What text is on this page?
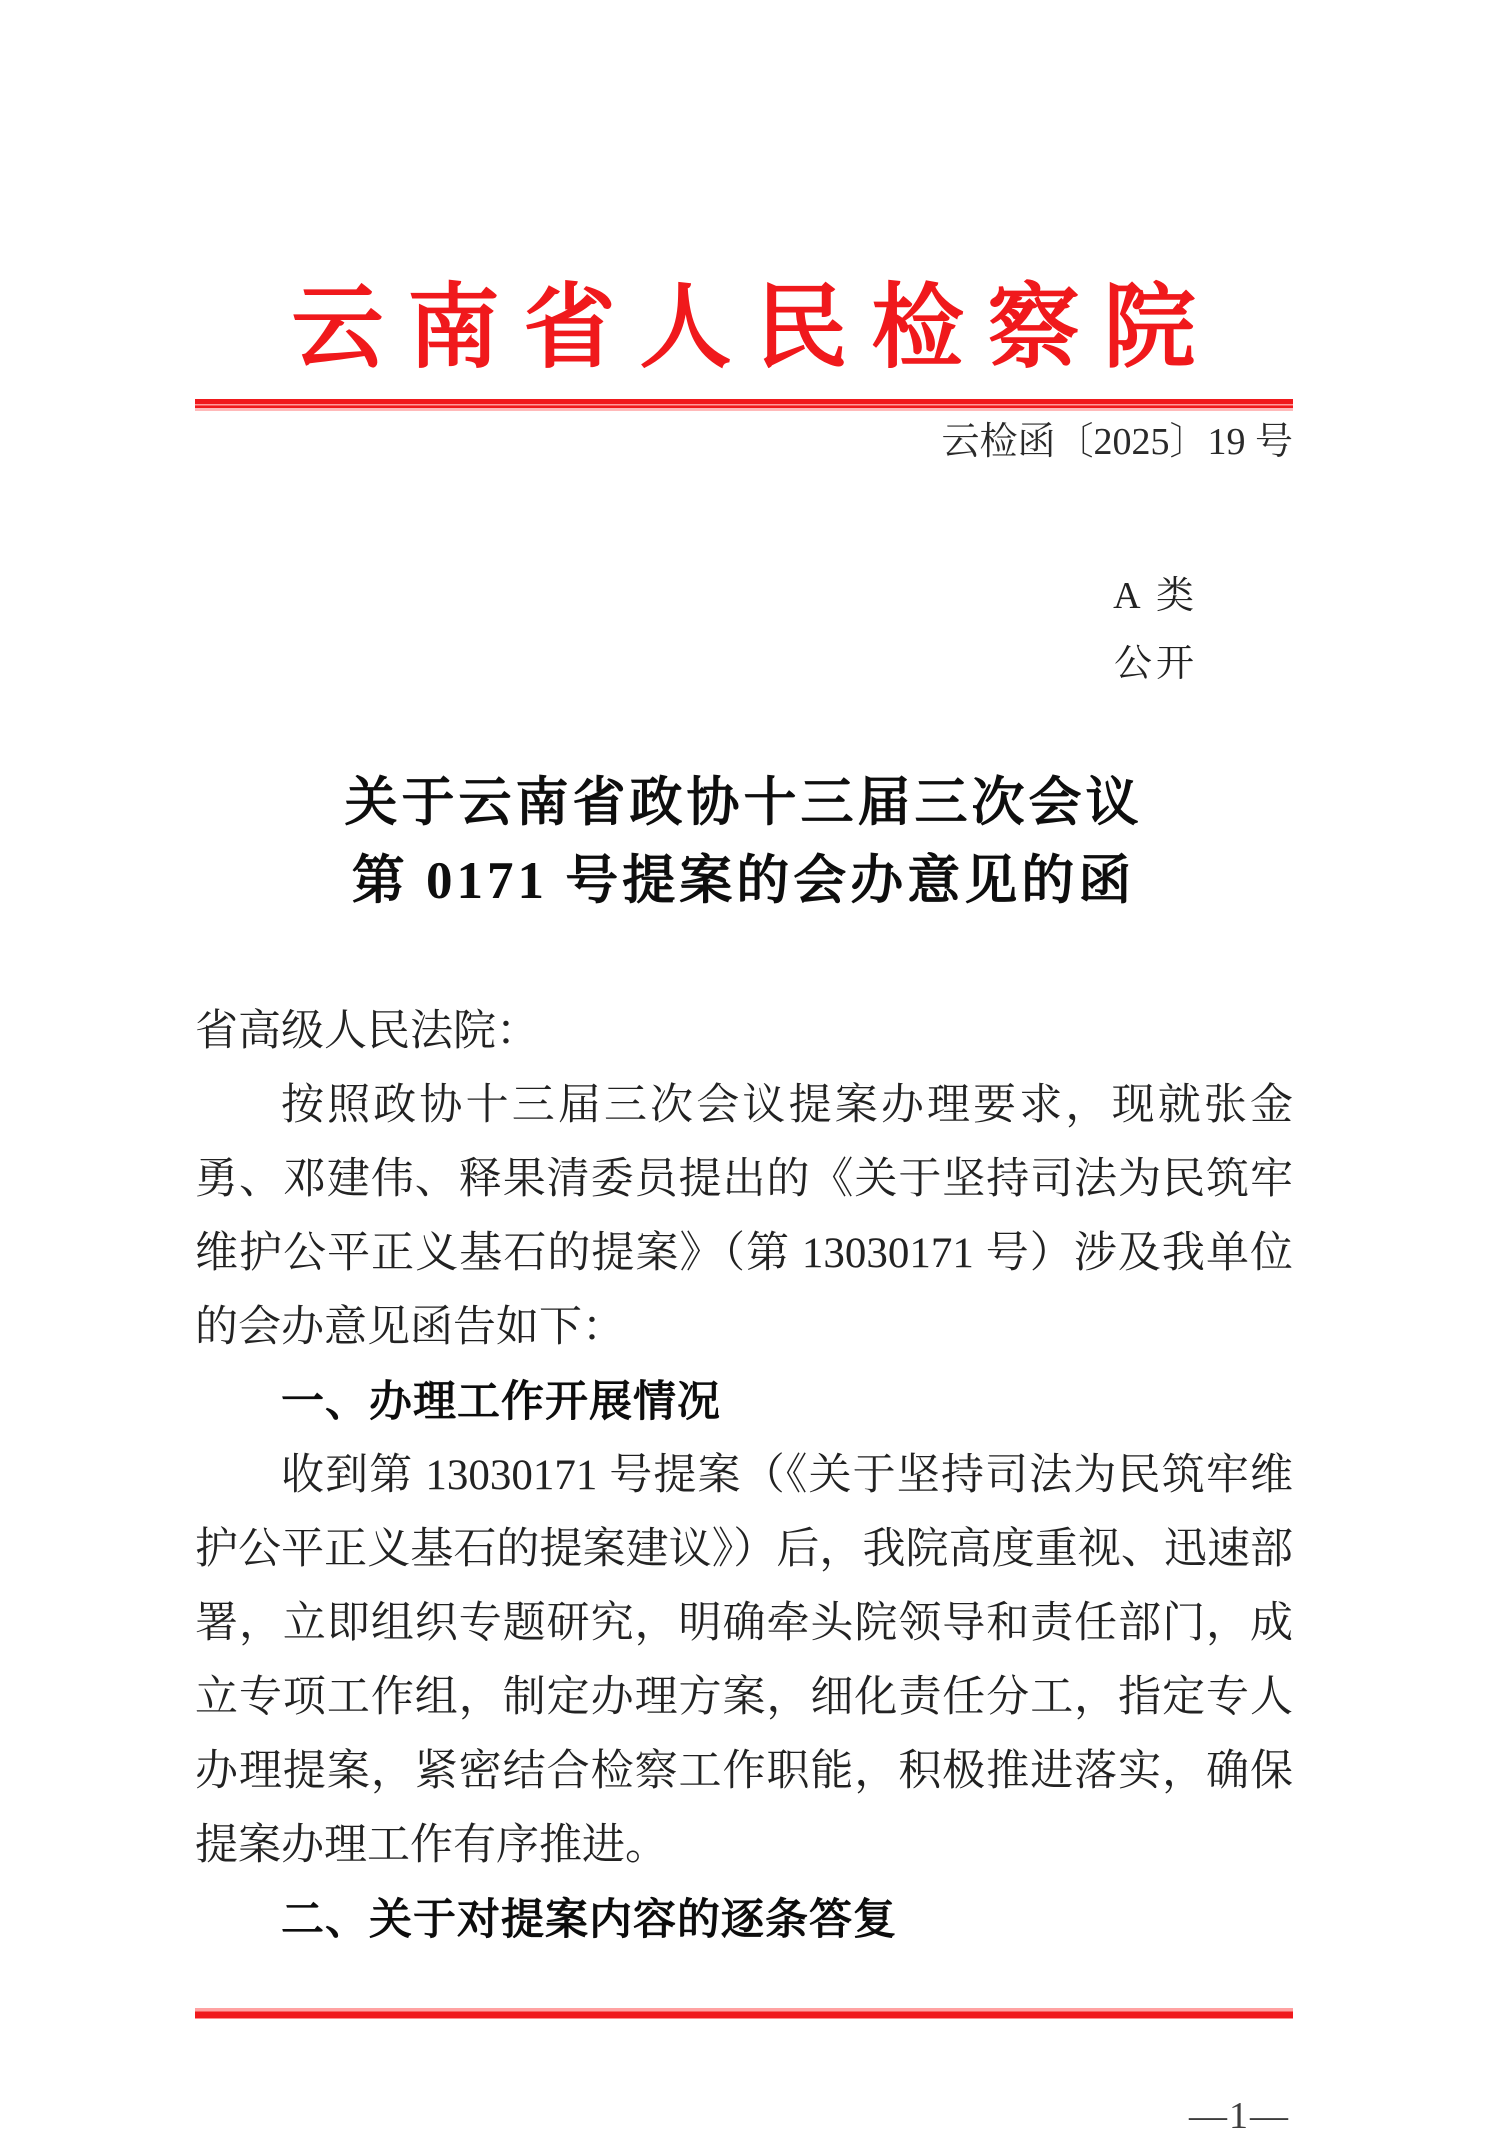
云南省人民检察院
云检函〔2025〕19 号
A 类
公开
关于云南省政协十三届三次会议
第 0171 号提案的会办意见的函

省高级人民法院：

按照政协十三届三次会议提案办理要求，现就张金勇、邓建伟、释果清委员提出的《关于坚持司法为民筑牢维护公平正义基石的提案》（第 13030171 号）涉及我单位的会办意见函告如下：

一、办理工作开展情况

收到第 13030171 号提案（《关于坚持司法为民筑牢维护公平正义基石的提案建议》）后，我院高度重视、迅速部署，立即组织专题研究，明确牵头院领导和责任部门，成立专项工作组，制定办理方案，细化责任分工，指定专人办理提案，紧密结合检察工作职能，积极推进落实，确保提案办理工作有序推进。

二、关于对提案内容的逐条答复

—1—
